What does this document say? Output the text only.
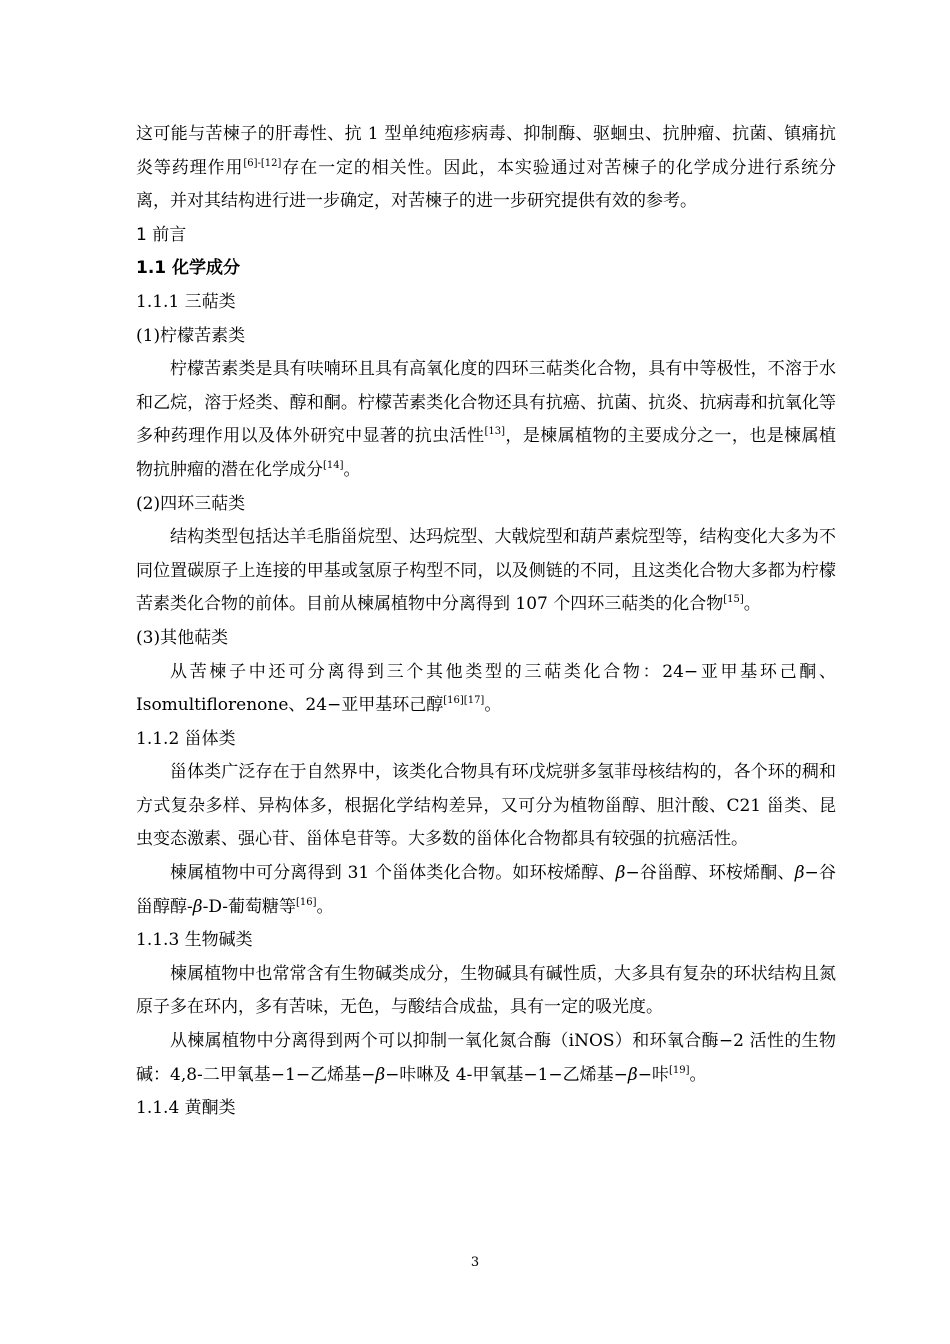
这可能与苦楝子的肝毒性、抗 1 型单纯疱疹病毒、抑制酶、驱蛔虫、抗肿瘤、抗菌、镇痛抗炎等药理作用[6]-[12]存在一定的相关性。因此，本实验通过对苦楝子的化学成分进行系统分离，并对其结构进行进一步确定，对苦楝子的进一步研究提供有效的参考。

1 前言

1.1 化学成分

1.1.1 三萜类

(1)柠檬苦素类

柠檬苦素类是具有呋喃环且具有高氧化度的四环三萜类化合物，具有中等极性，不溶于水和乙烷，溶于烃类、醇和酮。柠檬苦素类化合物还具有抗癌、抗菌、抗炎、抗病毒和抗氧化等多种药理作用以及体外研究中显著的抗虫活性[13]，是楝属植物的主要成分之一，也是楝属植物抗肿瘤的潜在化学成分[14]。

(2)四环三萜类

结构类型包括达羊毛脂甾烷型、达玛烷型、大戟烷型和葫芦素烷型等，结构变化大多为不同位置碳原子上连接的甲基或氢原子构型不同，以及侧链的不同，且这类化合物大多都为柠檬苦素类化合物的前体。目前从楝属植物中分离得到 107 个四环三萜类的化合物[15]。

(3)其他萜类

从苦楝子中还可分离得到三个其他类型的三萜类化合物：24−亚甲基环己酮、Isomultiflorenone、24−亚甲基环己醇[16][17]。

1.1.2 甾体类

甾体类广泛存在于自然界中，该类化合物具有环戊烷骈多氢菲母核结构的，各个环的稠和方式复杂多样、异构体多，根据化学结构差异，又可分为植物甾醇、胆汁酸、C21 甾类、昆虫变态激素、强心苷、甾体皂苷等。大多数的甾体化合物都具有较强的抗癌活性。

楝属植物中可分离得到 31 个甾体类化合物。如环桉烯醇、β−谷甾醇、环桉烯酮、β−谷甾醇醇-β-D-葡萄糖等[16]。

1.1.3 生物碱类

楝属植物中也常常含有生物碱类成分，生物碱具有碱性质，大多具有复杂的环状结构且氮原子多在环内，多有苦味，无色，与酸结合成盐，具有一定的吸光度。

从楝属植物中分离得到两个可以抑制一氧化氮合酶（iNOS）和环氧合酶−2 活性的生物碱：4,8-二甲氧基−1−乙烯基−β−咔啉及 4-甲氧基−1−乙烯基−β−咔[19]。

1.1.4 黄酮类

3
